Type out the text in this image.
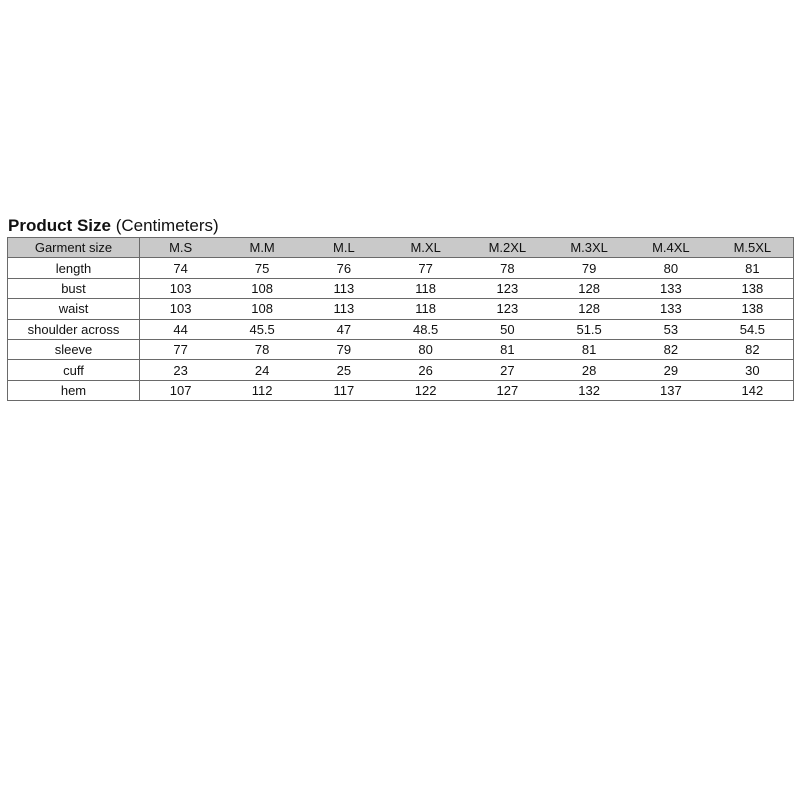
Product Size (Centimeters)
Garment size	M.S	M.M	M.L	M.XL	M.2XL	M.3XL	M.4XL	M.5XL
length	74	75	76	77	78	79	80	81
bust	103	108	113	118	123	128	133	138
waist	103	108	113	118	123	128	133	138
shoulder across	44	45.5	47	48.5	50	51.5	53	54.5
sleeve	77	78	79	80	81	81	82	82
cuff	23	24	25	26	27	28	29	30
hem	107	112	117	122	127	132	137	142
